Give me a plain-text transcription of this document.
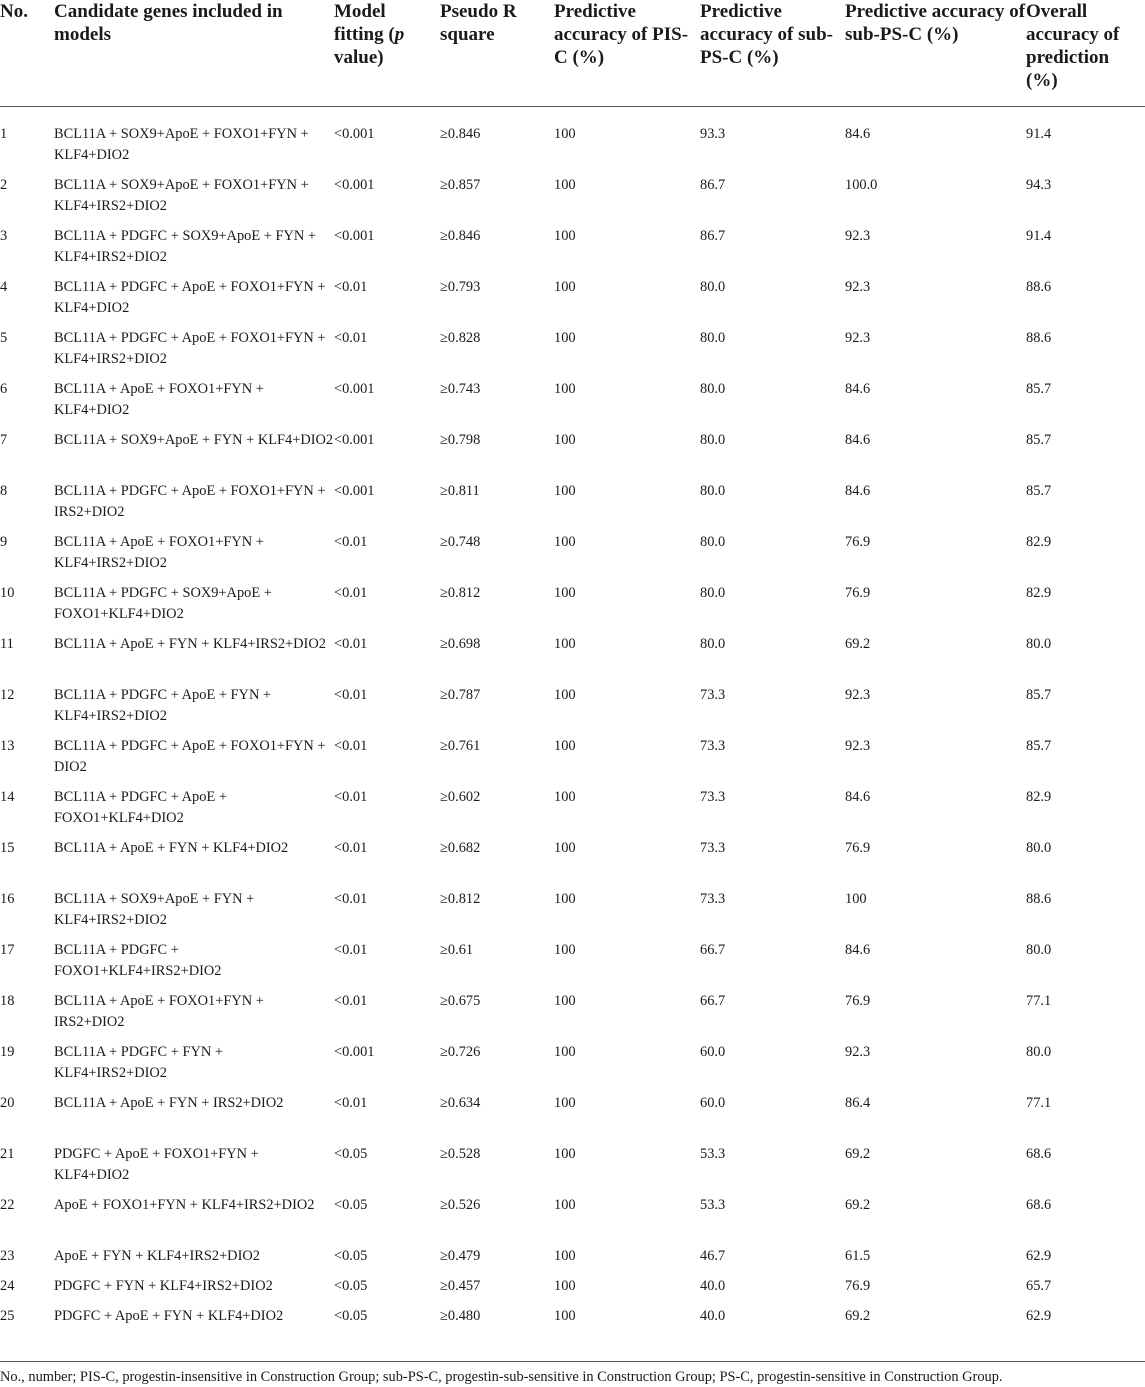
No.	Candidate genes included in models	Model fitting (p value)	Pseudo R square	Predictive accuracy of PIS-C (%)	Predictive accuracy of sub-PS-C (%)	Predictive accuracy of sub-PS-C (%)	Overall accuracy of prediction (%)
1	BCL11A + SOX9+ApoE + FOXO1+FYN + KLF4+DIO2	<0.001	≥0.846	100	93.3	84.6	91.4
2	BCL11A + SOX9+ApoE + FOXO1+FYN + KLF4+IRS2+DIO2	<0.001	≥0.857	100	86.7	100.0	94.3
3	BCL11A + PDGFC + SOX9+ApoE + FYN + KLF4+IRS2+DIO2	<0.001	≥0.846	100	86.7	92.3	91.4
4	BCL11A + PDGFC + ApoE + FOXO1+FYN + KLF4+DIO2	<0.01	≥0.793	100	80.0	92.3	88.6
5	BCL11A + PDGFC + ApoE + FOXO1+FYN + KLF4+IRS2+DIO2	<0.01	≥0.828	100	80.0	92.3	88.6
6	BCL11A + ApoE + FOXO1+FYN + KLF4+DIO2	<0.001	≥0.743	100	80.0	84.6	85.7
7	BCL11A + SOX9+ApoE + FYN + KLF4+DIO2	<0.001	≥0.798	100	80.0	84.6	85.7
8	BCL11A + PDGFC + ApoE + FOXO1+FYN + IRS2+DIO2	<0.001	≥0.811	100	80.0	84.6	85.7
9	BCL11A + ApoE + FOXO1+FYN + KLF4+IRS2+DIO2	<0.01	≥0.748	100	80.0	76.9	82.9
10	BCL11A + PDGFC + SOX9+ApoE + FOXO1+KLF4+DIO2	<0.01	≥0.812	100	80.0	76.9	82.9
11	BCL11A + ApoE + FYN + KLF4+IRS2+DIO2	<0.01	≥0.698	100	80.0	69.2	80.0
12	BCL11A + PDGFC + ApoE + FYN + KLF4+IRS2+DIO2	<0.01	≥0.787	100	73.3	92.3	85.7
13	BCL11A + PDGFC + ApoE + FOXO1+FYN + DIO2	<0.01	≥0.761	100	73.3	92.3	85.7
14	BCL11A + PDGFC + ApoE + FOXO1+KLF4+DIO2	<0.01	≥0.602	100	73.3	84.6	82.9
15	BCL11A + ApoE + FYN + KLF4+DIO2	<0.01	≥0.682	100	73.3	76.9	80.0
16	BCL11A + SOX9+ApoE + FYN + KLF4+IRS2+DIO2	<0.01	≥0.812	100	73.3	100	88.6
17	BCL11A + PDGFC + FOXO1+KLF4+IRS2+DIO2	<0.01	≥0.61	100	66.7	84.6	80.0
18	BCL11A + ApoE + FOXO1+FYN + IRS2+DIO2	<0.01	≥0.675	100	66.7	76.9	77.1
19	BCL11A + PDGFC + FYN + KLF4+IRS2+DIO2	<0.001	≥0.726	100	60.0	92.3	80.0
20	BCL11A + ApoE + FYN + IRS2+DIO2	<0.01	≥0.634	100	60.0	86.4	77.1
21	PDGFC + ApoE + FOXO1+FYN + KLF4+DIO2	<0.05	≥0.528	100	53.3	69.2	68.6
22	ApoE + FOXO1+FYN + KLF4+IRS2+DIO2	<0.05	≥0.526	100	53.3	69.2	68.6
23	ApoE + FYN + KLF4+IRS2+DIO2	<0.05	≥0.479	100	46.7	61.5	62.9
24	PDGFC + FYN + KLF4+IRS2+DIO2	<0.05	≥0.457	100	40.0	76.9	65.7
25	PDGFC + ApoE + FYN + KLF4+DIO2	<0.05	≥0.480	100	40.0	69.2	62.9
No., number; PIS-C, progestin-insensitive in Construction Group; sub-PS-C, progestin-sub-sensitive in Construction Group; PS-C, progestin-sensitive in Construction Group.
